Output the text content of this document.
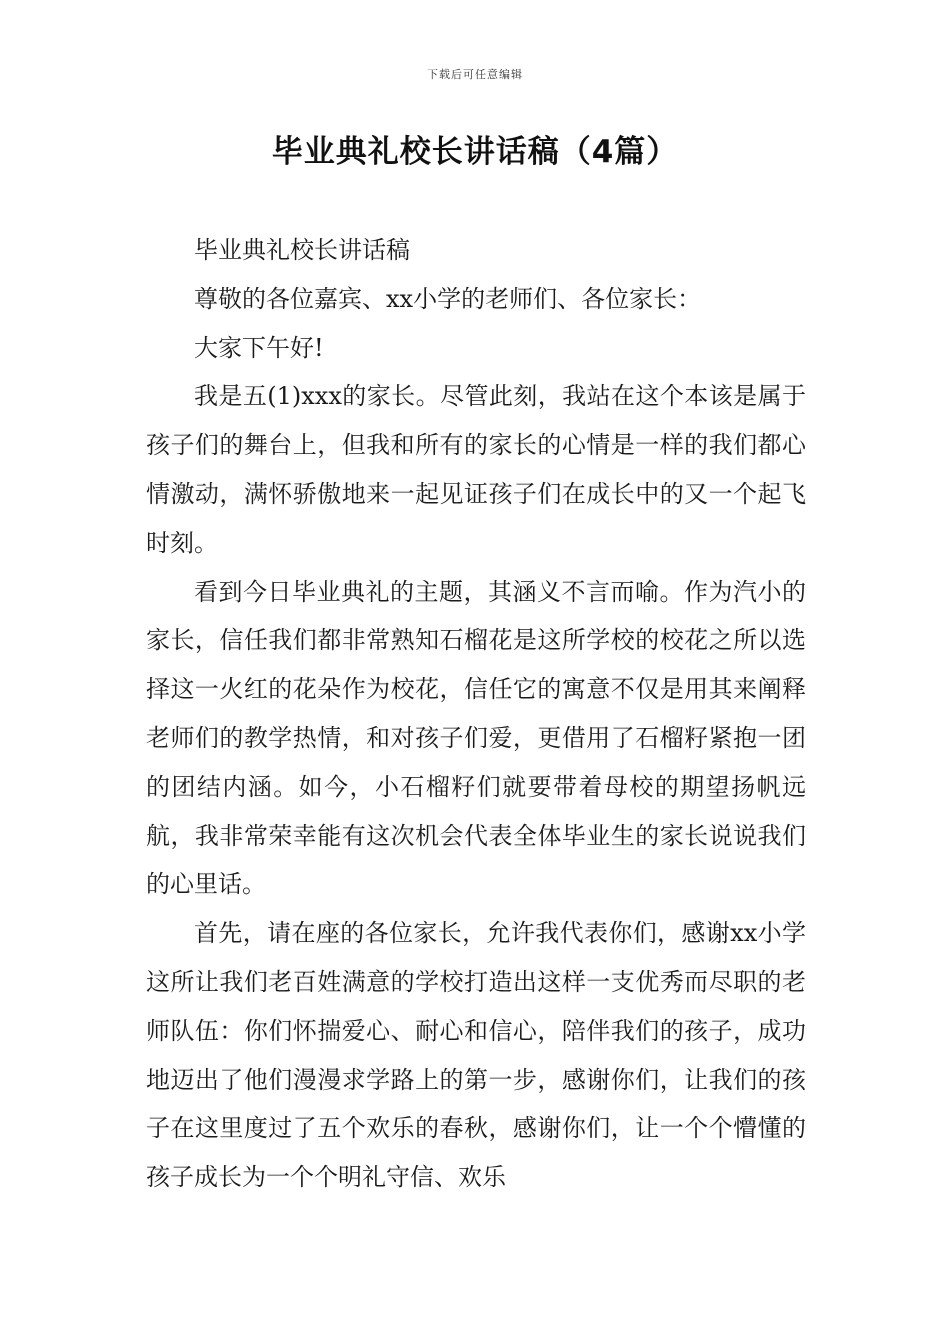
下载后可任意编辑
毕业典礼校长讲话稿（4篇）

毕业典礼校长讲话稿

尊敬的各位嘉宾、xx小学的老师们、各位家长：

大家下午好!

我是五(1)xxx的家长。尽管此刻，我站在这个本该是属于孩子们的舞台上，但我和所有的家长的心情是一样的我们都心情激动，满怀骄傲地来一起见证孩子们在成长中的又一个起飞时刻。

看到今日毕业典礼的主题，其涵义不言而喻。作为汽小的家长，信任我们都非常熟知石榴花是这所学校的校花之所以选择这一火红的花朵作为校花，信任它的寓意不仅是用其来阐释老师们的教学热情，和对孩子们爱，更借用了石榴籽紧抱一团的团结内涵。如今，小石榴籽们就要带着母校的期望扬帆远航，我非常荣幸能有这次机会代表全体毕业生的家长说说我们的心里话。

首先，请在座的各位家长，允许我代表你们，感谢xx小学这所让我们老百姓满意的学校打造出这样一支优秀而尽职的老师队伍：你们怀揣爱心、耐心和信心，陪伴我们的孩子，成功地迈出了他们漫漫求学路上的第一步，感谢你们，让我们的孩子在这里度过了五个欢乐的春秋，感谢你们，让一个个懵懂的孩子成长为一个个明礼守信、欢乐
